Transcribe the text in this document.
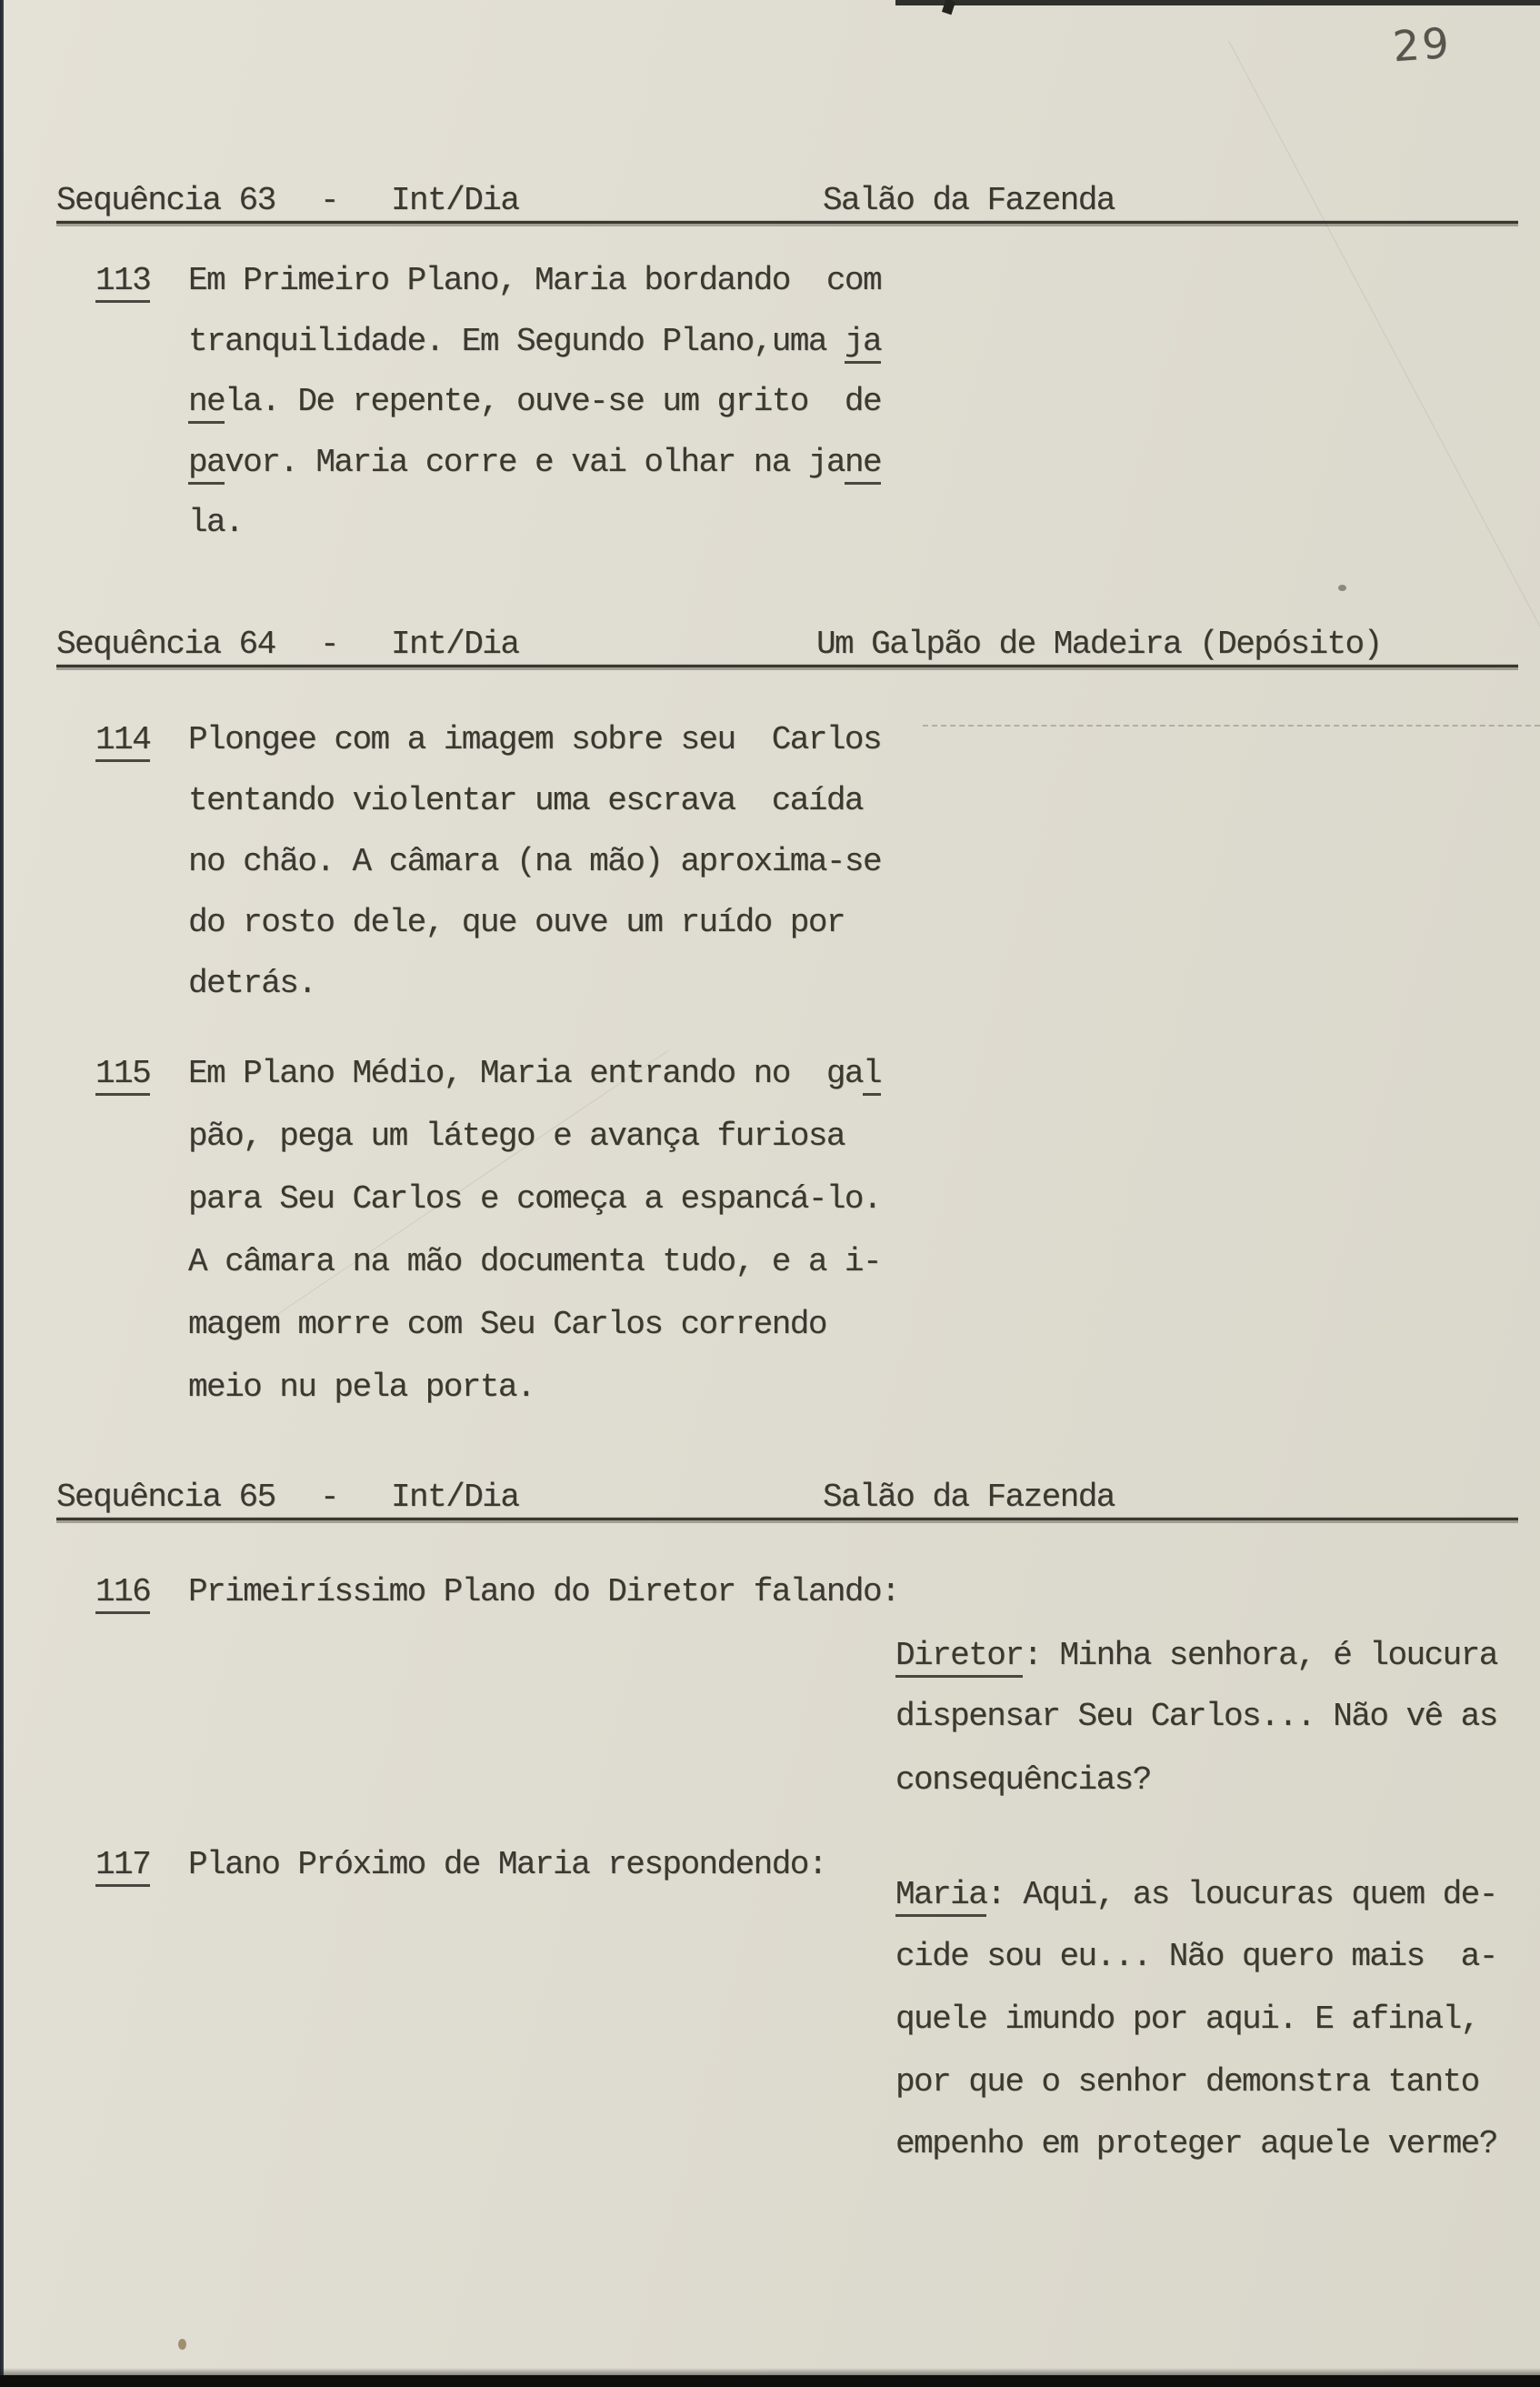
29
Sequência 63 - Int/Dia	Salão da Fazenda
113 Em Primeiro Plano, Maria bordando  com
tranquilidade. Em Segundo Plano,uma ja
nela. De repente, ouve-se um grito  de
pavor. Maria corre e vai olhar na jane
la.
Sequência 64 - Int/Dia	Um Galpão de Madeira (Depósito)
114 Plongee com a imagem sobre seu  Carlos
tentando violentar uma escrava  caída
no chão. A câmara (na mão) aproxima-se
do rosto dele, que ouve um ruído por
detrás.
115 Em Plano Médio, Maria entrando no  gal
pão, pega um látego e avança furiosa
para Seu Carlos e começa a espancá-lo.
A câmara na mão documenta tudo, e a i-
magem morre com Seu Carlos correndo
meio nu pela porta.
Sequência 65 - Int/Dia	Salão da Fazenda
116 Primeiríssimo Plano do Diretor falando:
Diretor: Minha senhora, é loucura
dispensar Seu Carlos... Não vê as
consequências?
117 Plano Próximo de Maria respondendo:
Maria: Aqui, as loucuras quem de-
cide sou eu... Não quero mais  a-
quele imundo por aqui. E afinal,
por que o senhor demonstra tanto
empenho em proteger aquele verme?
